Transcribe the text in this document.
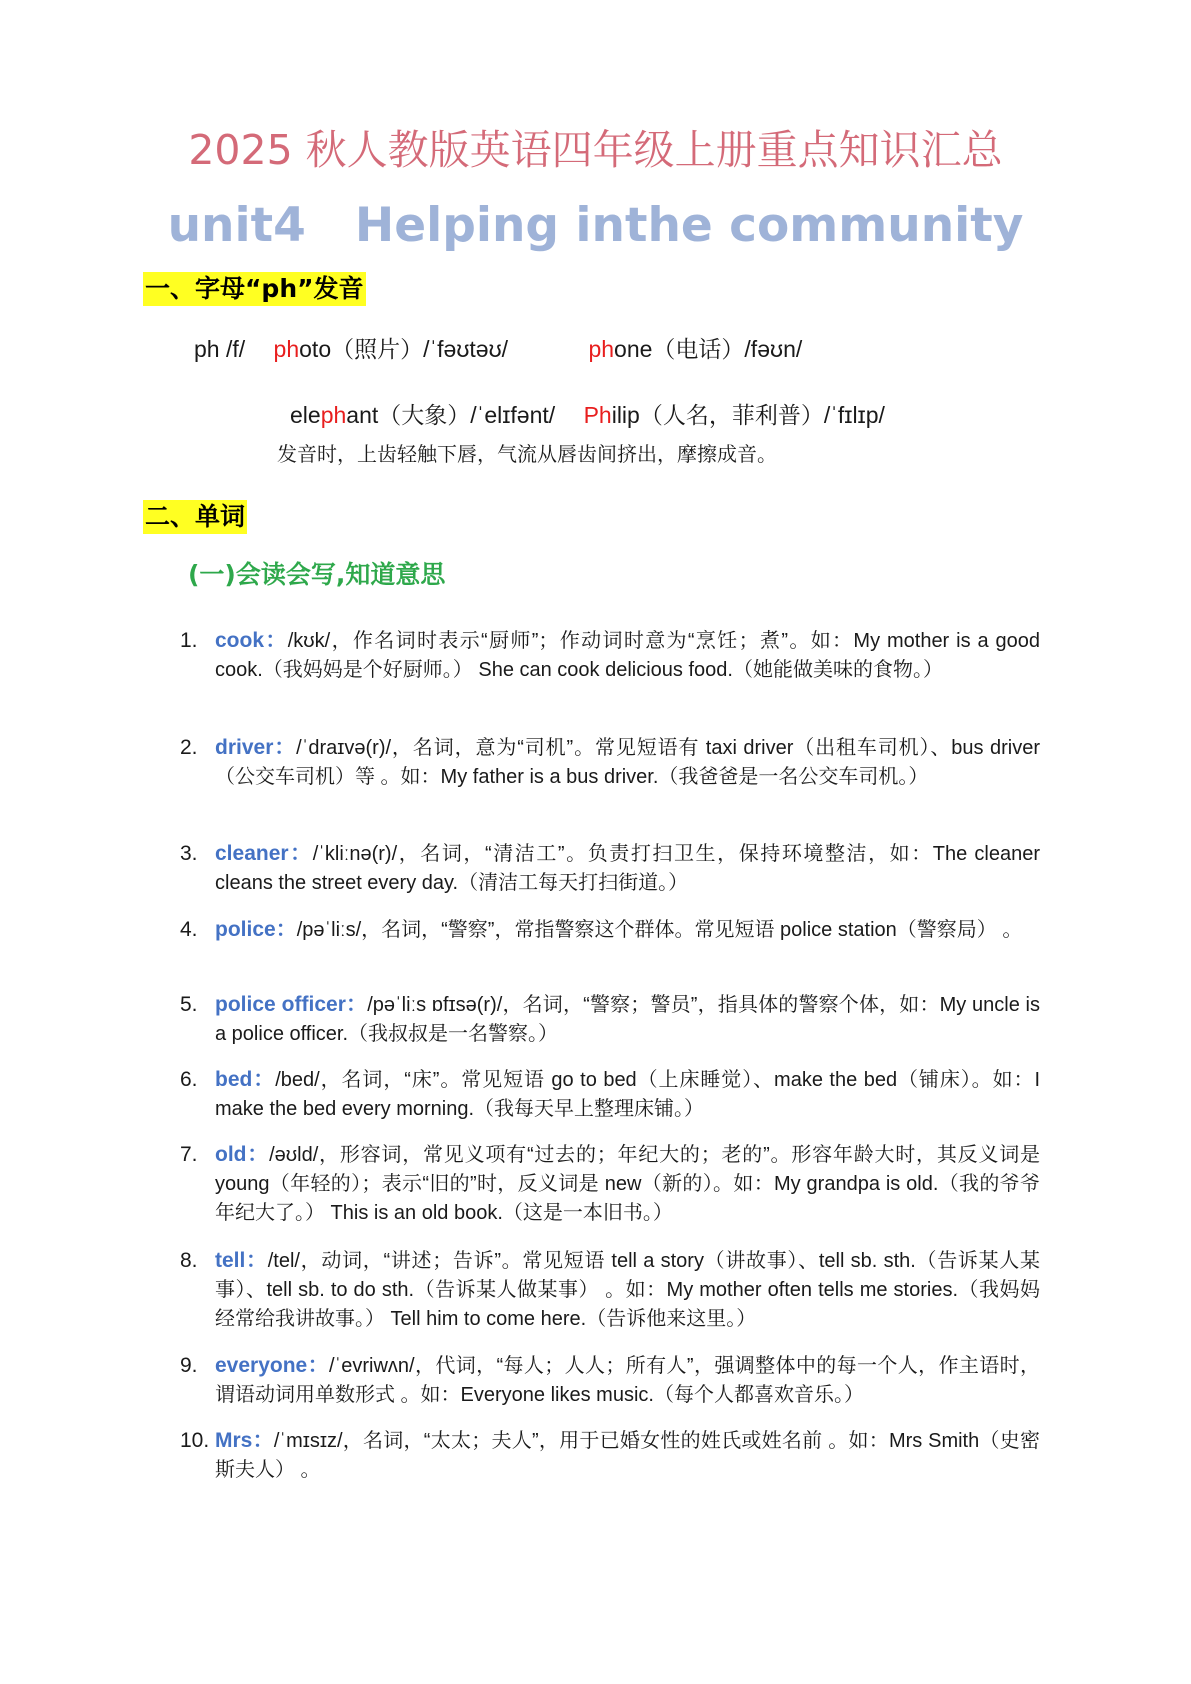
2025 秋人教版英语四年级上册重点知识汇总
unit4   Helping inthe community
一、字母“ph”发音

ph /f/ photo（照片）/ˈfəʊtəʊ/	phone（电话）/fəʊn/

elephant（大象）/ˈelɪfənt/ Philip（人名，菲利普）/ˈfɪlɪp/

发音时，上齿轻触下唇，气流从唇齿间挤出，摩擦成音。

二、单词
(一)会读会写,知道意思
1. cook：/kʊk/，作名词时表示“厨师”；作动词时意为“烹饪；煮”。如：My mother is a good cook.（我妈妈是个好厨师。） She can cook delicious food.（她能做美味的食物。）
2. driver：/ˈdraɪvə(r)/，名词，意为“司机”。常见短语有 taxi driver（出租车司机）、bus driver（公交车司机）等 。如：My father is a bus driver.（我爸爸是一名公交车司机。）
3. cleaner：/ˈkliːnə(r)/，名词，“清洁工”。负责打扫卫生，保持环境整洁，如：The cleaner cleans the street every day.（清洁工每天打扫街道。）
4. police：/pəˈliːs/，名词，“警察”，常指警察这个群体。常见短语 police station（警察局） 。
5. police officer：/pəˈliːs ɒfɪsə(r)/，名词，“警察；警员”，指具体的警察个体，如：My uncle is a police officer.（我叔叔是一名警察。）
6. bed：/bed/，名词，“床”。常见短语 go to bed（上床睡觉）、make the bed（铺床）。如：I make the bed every morning.（我每天早上整理床铺。）
7. old：/əʊld/，形容词，常见义项有“过去的；年纪大的；老的”。形容年龄大时，其反义词是 young（年轻的）；表示“旧的”时，反义词是 new（新的）。如：My grandpa is old.（我的爷爷年纪大了。） This is an old book.（这是一本旧书。）
8. tell：/tel/，动词，“讲述；告诉”。常见短语 tell a story（讲故事）、tell sb. sth.（告诉某人某事）、tell sb. to do sth.（告诉某人做某事） 。如：My mother often tells me stories.（我妈妈经常给我讲故事。） Tell him to come here.（告诉他来这里。）
9. everyone：/ˈevriwʌn/，代词，“每人；人人；所有人”，强调整体中的每一个人，作主语时，谓语动词用单数形式 。如：Everyone likes music.（每个人都喜欢音乐。）
10. Mrs：/ˈmɪsɪz/，名词，“太太；夫人”，用于已婚女性的姓氏或姓名前 。如：Mrs Smith（史密斯夫人） 。
